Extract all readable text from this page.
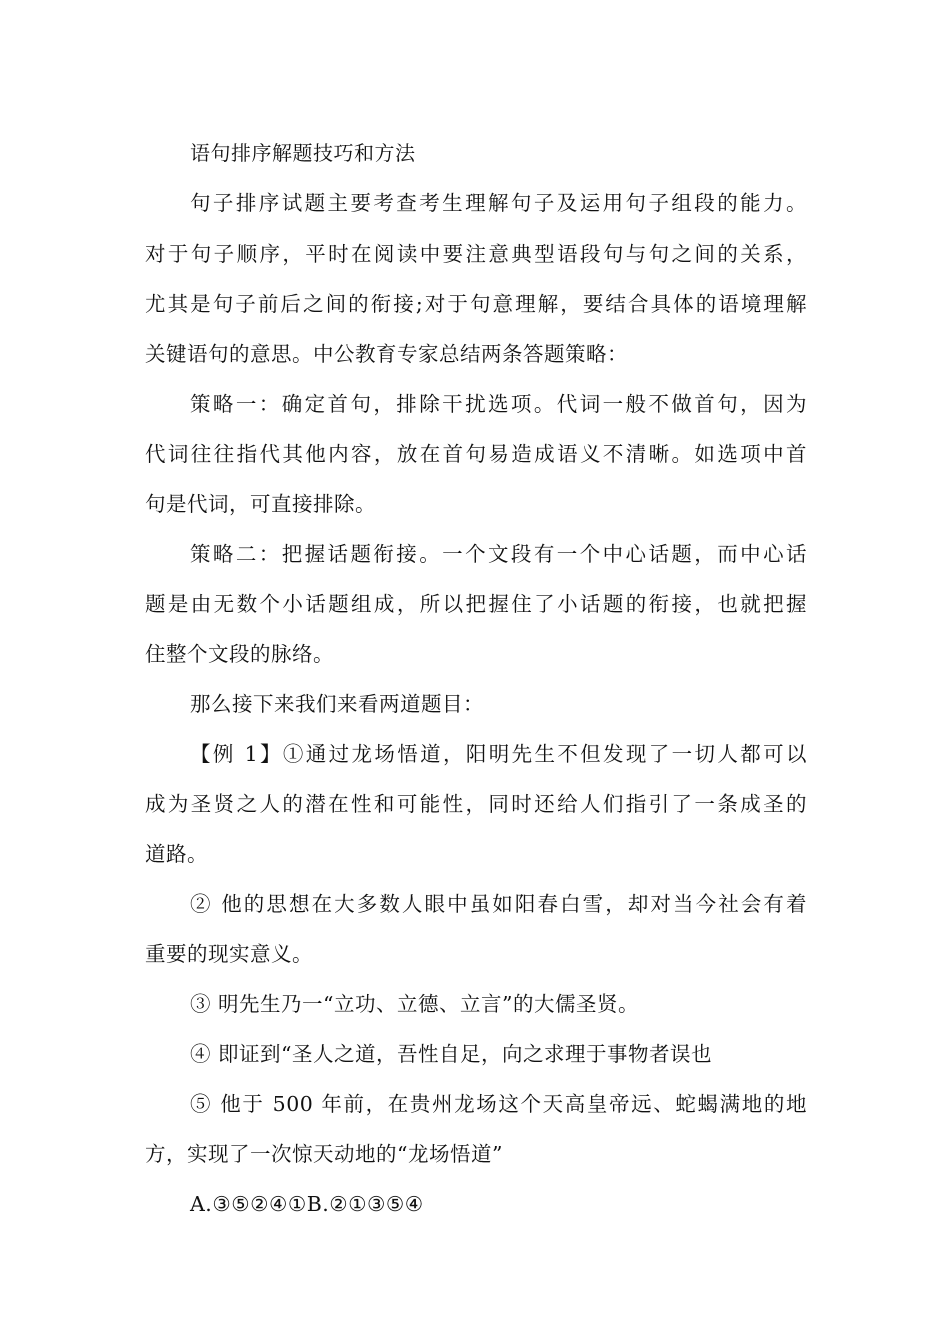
语句排序解题技巧和方法
句子排序试题主要考查考生理解句子及运用句子组段的能力。
对于句子顺序，平时在阅读中要注意典型语段句与句之间的关系，
尤其是句子前后之间的衔接;对于句意理解，要结合具体的语境理解
关键语句的意思。中公教育专家总结两条答题策略：
策略一：确定首句，排除干扰选项。代词一般不做首句，因为
代词往往指代其他内容，放在首句易造成语义不清晰。如选项中首
句是代词，可直接排除。
策略二：把握话题衔接。一个文段有一个中心话题，而中心话
题是由无数个小话题组成，所以把握住了小话题的衔接，也就把握
住整个文段的脉络。
那么接下来我们来看两道题目：
【例 1】①通过龙场悟道，阳明先生不但发现了一切人都可以
成为圣贤之人的潜在性和可能性，同时还给人们指引了一条成圣的
道路。
② 他的思想在大多数人眼中虽如阳春白雪，却对当今社会有着
重要的现实意义。
③ 明先生乃一“立功、立德、立言”的大儒圣贤。
④ 即证到“圣人之道，吾性自足，向之求理于事物者误也
⑤ 他于 500 年前，在贵州龙场这个天高皇帝远、蛇蝎满地的地
方，实现了一次惊天动地的“龙场悟道”
A.③⑤②④①B.②①③⑤④
